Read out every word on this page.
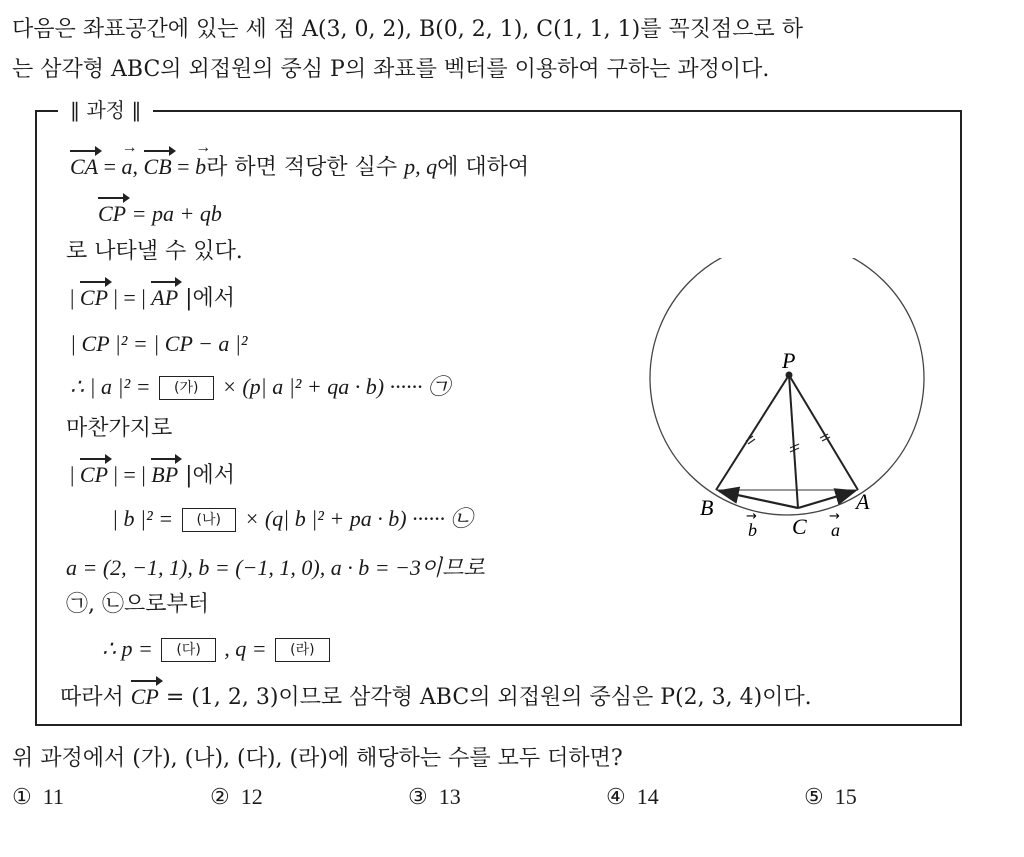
다음은 좌표공간에 있는 세 점 A(3, 0, 2), B(0, 2, 1), C(1, 1, 1)를 꼭짓점으로 하
는 삼각형 ABC의 외접원의 중심 P의 좌표를 벡터를 이용하여 구하는 과정이다.
‖ 과정 ‖
CA = → a, CB = → b라 하면 적당한 실수 p, q에 대하여
CP = pa + qb
로 나타낼 수 있다.
| CP | = | AP |에서
| CP |² = | CP − a |²
∴ | a |² = (가) × (p| a |² + qa · b) ······ ㉠
마찬가지로
| CP | = | BP |에서
| b |² = (나) × (q| b |² + pa · b) ······ ㉡
a = (2, −1, 1), b = (−1, 1, 0), a · b = −3이므로
㉠, ㉡으로부터
∴ p = (다) , q = (라)
따라서 CP = (1, 2, 3)이므로 삼각형 ABC의 외접원의 중심은 P(2, 3, 4)이다.
P
B	A
C
b
→
a
→
위 과정에서 (가), (나), (다), (라)에 해당하는 수를 모두 더하면?
① 11	② 12	③ 13	④ 14	⑤ 15
